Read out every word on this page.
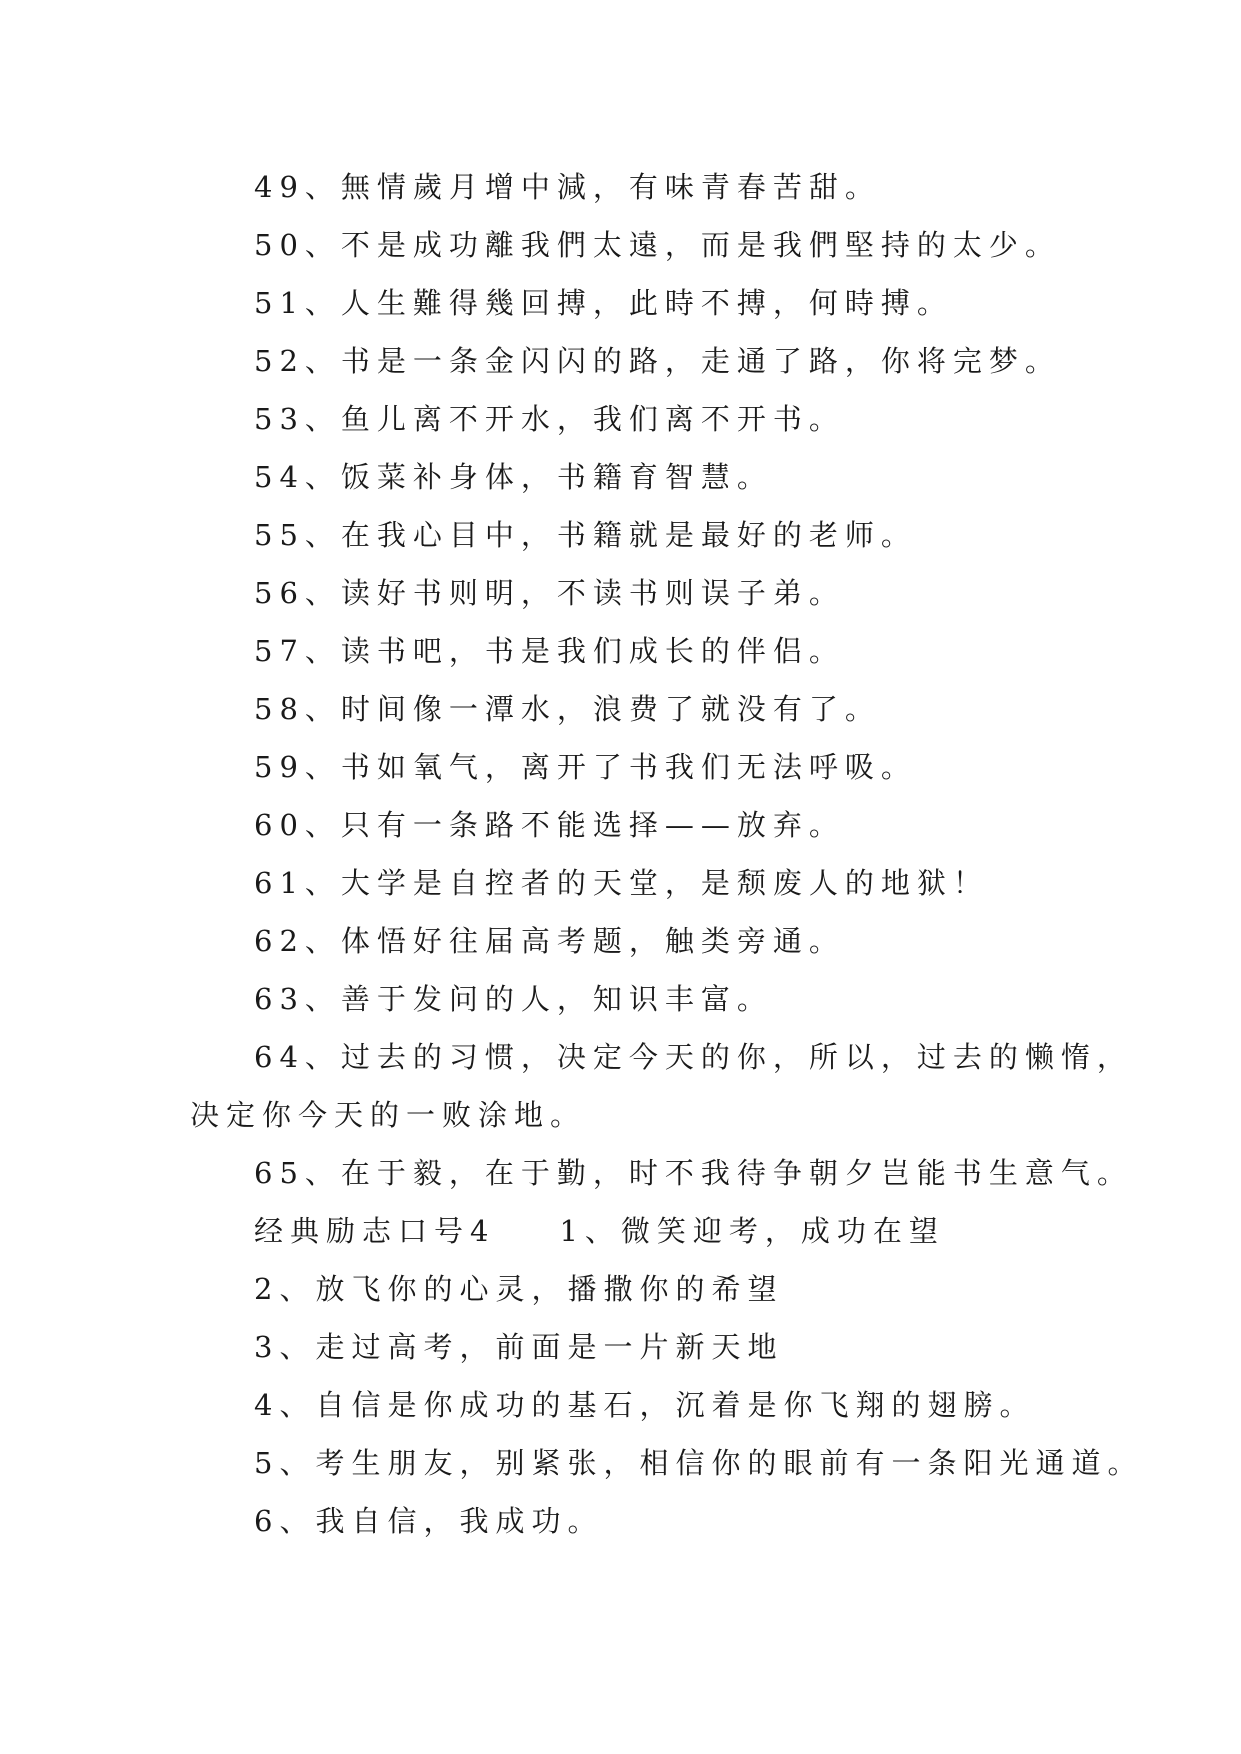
49、無情歲月增中減，有味青春苦甜。
50、不是成功離我們太遠，而是我們堅持的太少。
51、人生難得幾回搏，此時不搏，何時搏。
52、书是一条金闪闪的路，走通了路，你将完梦。
53、鱼儿离不开水，我们离不开书。
54、饭菜补身体，书籍育智慧。
55、在我心目中，书籍就是最好的老师。
56、读好书则明，不读书则误子弟。
57、读书吧，书是我们成长的伴侣。
58、时间像一潭水，浪费了就没有了。
59、书如氧气，离开了书我们无法呼吸。
60、只有一条路不能选择——放弃。
61、大学是自控者的天堂，是颓废人的地狱！
62、体悟好往届高考题，触类旁通。
63、善于发问的人，知识丰富。
64、过去的习惯，决定今天的你，所以，过去的懒惰，
决定你今天的一败涂地。
65、在于毅，在于勤，时不我待争朝夕岂能书生意气。
经典励志口号4 1、微笑迎考，成功在望
2、放飞你的心灵，播撒你的希望
3、走过高考，前面是一片新天地
4、自信是你成功的基石，沉着是你飞翔的翅膀。
5、考生朋友，别紧张，相信你的眼前有一条阳光通道。
6、我自信，我成功。
